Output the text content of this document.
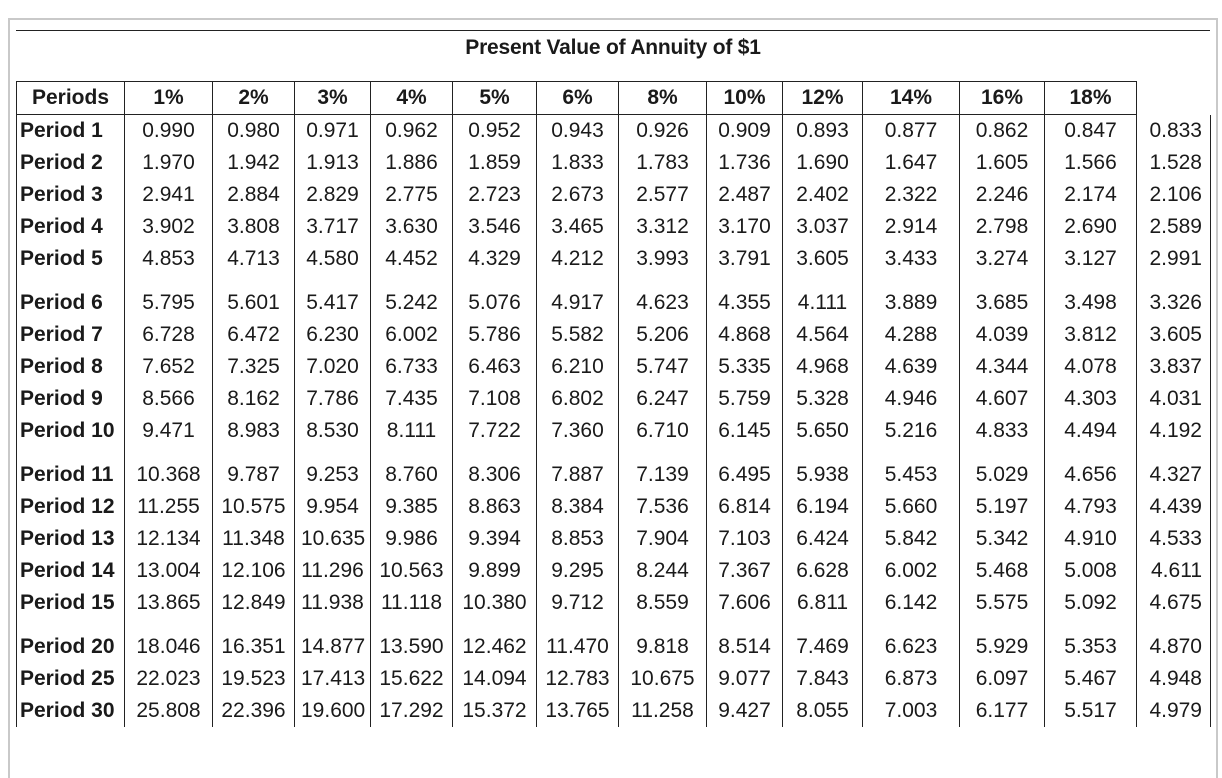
Present Value of Annuity of $1
Periods	1%	2%	3%	4%	5%	6%	8%	10%	12%	14%	16%	18%	
Period 1	0.990	0.980	0.971	0.962	0.952	0.943	0.926	0.909	0.893	0.877	0.862	0.847	0.833
Period 2	1.970	1.942	1.913	1.886	1.859	1.833	1.783	1.736	1.690	1.647	1.605	1.566	1.528
Period 3	2.941	2.884	2.829	2.775	2.723	2.673	2.577	2.487	2.402	2.322	2.246	2.174	2.106
Period 4	3.902	3.808	3.717	3.630	3.546	3.465	3.312	3.170	3.037	2.914	2.798	2.690	2.589
Period 5	4.853	4.713	4.580	4.452	4.329	4.212	3.993	3.791	3.605	3.433	3.274	3.127	2.991
Period 6	5.795	5.601	5.417	5.242	5.076	4.917	4.623	4.355	4.111	3.889	3.685	3.498	3.326
Period 7	6.728	6.472	6.230	6.002	5.786	5.582	5.206	4.868	4.564	4.288	4.039	3.812	3.605
Period 8	7.652	7.325	7.020	6.733	6.463	6.210	5.747	5.335	4.968	4.639	4.344	4.078	3.837
Period 9	8.566	8.162	7.786	7.435	7.108	6.802	6.247	5.759	5.328	4.946	4.607	4.303	4.031
Period 10	9.471	8.983	8.530	8.111	7.722	7.360	6.710	6.145	5.650	5.216	4.833	4.494	4.192
Period 11	10.368	9.787	9.253	8.760	8.306	7.887	7.139	6.495	5.938	5.453	5.029	4.656	4.327
Period 12	11.255	10.575	9.954	9.385	8.863	8.384	7.536	6.814	6.194	5.660	5.197	4.793	4.439
Period 13	12.134	11.348	10.635	9.986	9.394	8.853	7.904	7.103	6.424	5.842	5.342	4.910	4.533
Period 14	13.004	12.106	11.296	10.563	9.899	9.295	8.244	7.367	6.628	6.002	5.468	5.008	4.611
Period 15	13.865	12.849	11.938	11.118	10.380	9.712	8.559	7.606	6.811	6.142	5.575	5.092	4.675
Period 20	18.046	16.351	14.877	13.590	12.462	11.470	9.818	8.514	7.469	6.623	5.929	5.353	4.870
Period 25	22.023	19.523	17.413	15.622	14.094	12.783	10.675	9.077	7.843	6.873	6.097	5.467	4.948
Period 30	25.808	22.396	19.600	17.292	15.372	13.765	11.258	9.427	8.055	7.003	6.177	5.517	4.979
